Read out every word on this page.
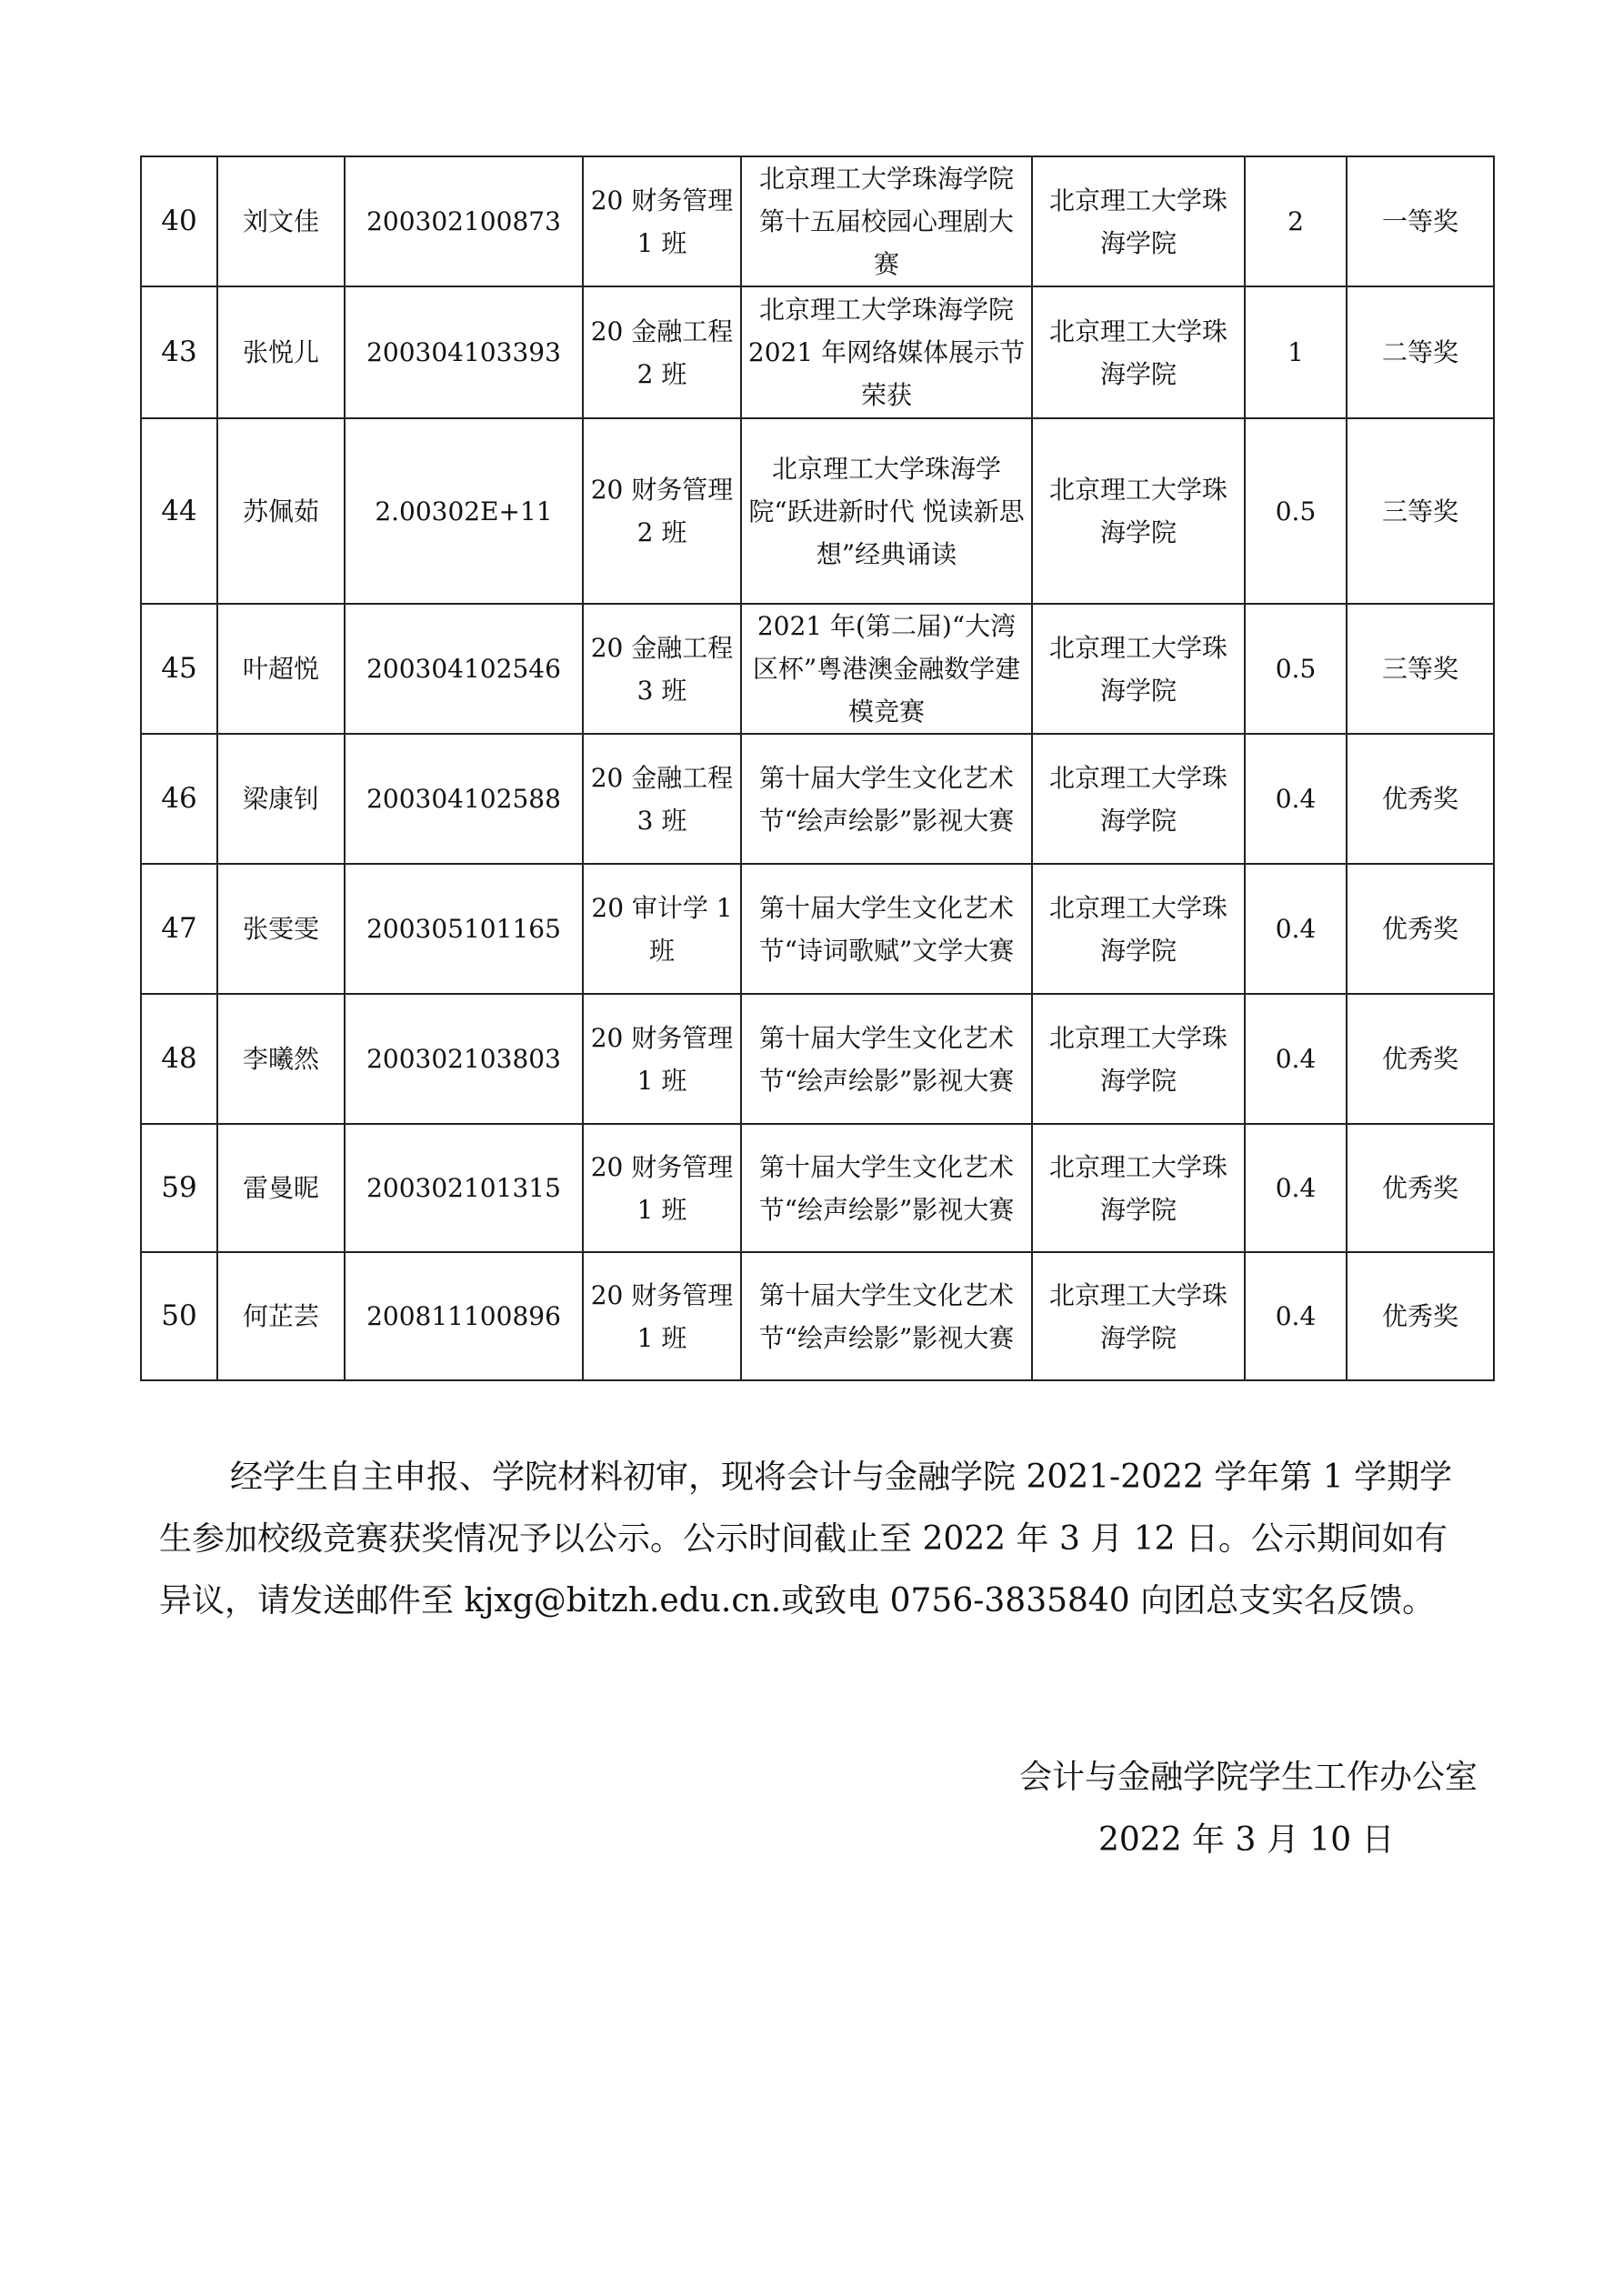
40	刘文佳	200302100873	20 财务管理 1 班	北京理工大学珠海学院第十五届校园心理剧大赛	北京理工大学珠海学院	2	一等奖
43	张悦儿	200304103393	20 金融工程 2 班	北京理工大学珠海学院 2021 年网络媒体展示节荣获	北京理工大学珠海学院	1	二等奖
44	苏佩茹	2.00302E+11	20 财务管理 2 班	北京理工大学珠海学院“跃进新时代 悦读新思想”经典诵读	北京理工大学珠海学院	0.5	三等奖
45	叶超悦	200304102546	20 金融工程 3 班	2021 年(第二届)“大湾区杯”粤港澳金融数学建模竞赛	北京理工大学珠海学院	0.5	三等奖
46	梁康钊	200304102588	20 金融工程 3 班	第十届大学生文化艺术节“绘声绘影”影视大赛	北京理工大学珠海学院	0.4	优秀奖
47	张雯雯	200305101165	20 审计学 1 班	第十届大学生文化艺术节“诗词歌赋”文学大赛	北京理工大学珠海学院	0.4	优秀奖
48	李曦然	200302103803	20 财务管理 1 班	第十届大学生文化艺术节“绘声绘影”影视大赛	北京理工大学珠海学院	0.4	优秀奖
59	雷曼昵	200302101315	20 财务管理 1 班	第十届大学生文化艺术节“绘声绘影”影视大赛	北京理工大学珠海学院	0.4	优秀奖
50	何芷芸	200811100896	20 财务管理 1 班	第十届大学生文化艺术节“绘声绘影”影视大赛	北京理工大学珠海学院	0.4	优秀奖
经学生自主申报、学院材料初审，现将会计与金融学院 2021-2022 学年第 1 学期学生参加校级竞赛获奖情况予以公示。公示时间截止至 2022 年 3 月 12 日。公示期间如有异议，请发送邮件至 kjxg@bitzh.edu.cn.或致电 0756-3835840 向团总支实名反馈。
会计与金融学院学生工作办公室
2022 年 3 月 10 日
